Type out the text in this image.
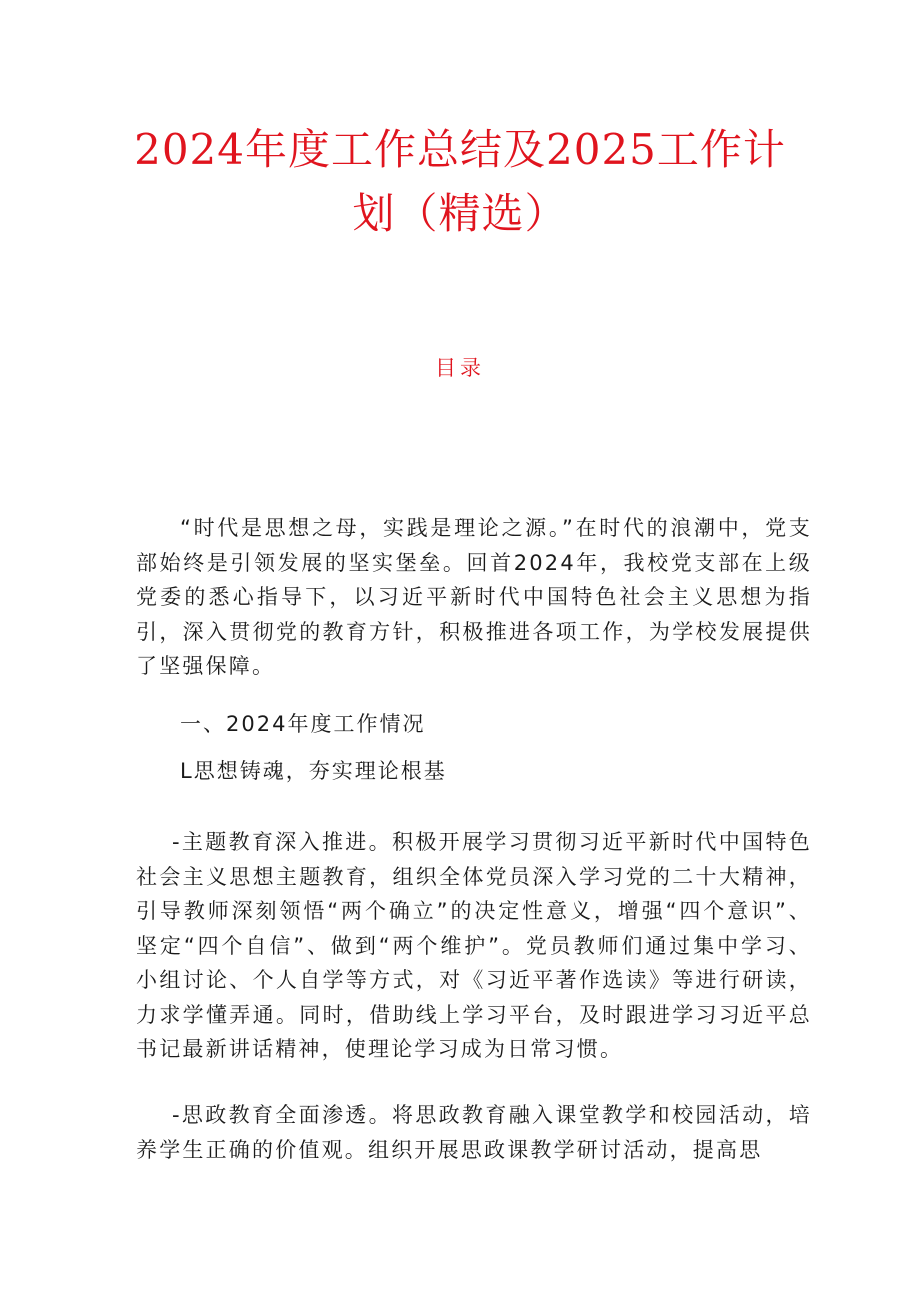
2024年度工作总结及2025工作计
划（精选）
目录
“时代是思想之母，实践是理论之源。”在时代的浪潮中，党支部始终是引领发展的坚实堡垒。回首2024年，我校党支部在上级党委的悉心指导下，以习近平新时代中国特色社会主义思想为指引，深入贯彻党的教育方针，积极推进各项工作，为学校发展提供了坚强保障。
一、2024年度工作情况
L思想铸魂，夯实理论根基
-主题教育深入推进。积极开展学习贯彻习近平新时代中国特色社会主义思想主题教育，组织全体党员深入学习党的二十大精神，引导教师深刻领悟“两个确立”的决定性意义，增强“四个意识”、坚定“四个自信”、做到“两个维护”。党员教师们通过集中学习、小组讨论、个人自学等方式，对《习近平著作选读》等进行研读，力求学懂弄通。同时，借助线上学习平台，及时跟进学习习近平总书记最新讲话精神，使理论学习成为日常习惯。
-思政教育全面渗透。将思政教育融入课堂教学和校园活动，培养学生正确的价值观。组织开展思政课教学研讨活动，提高思
